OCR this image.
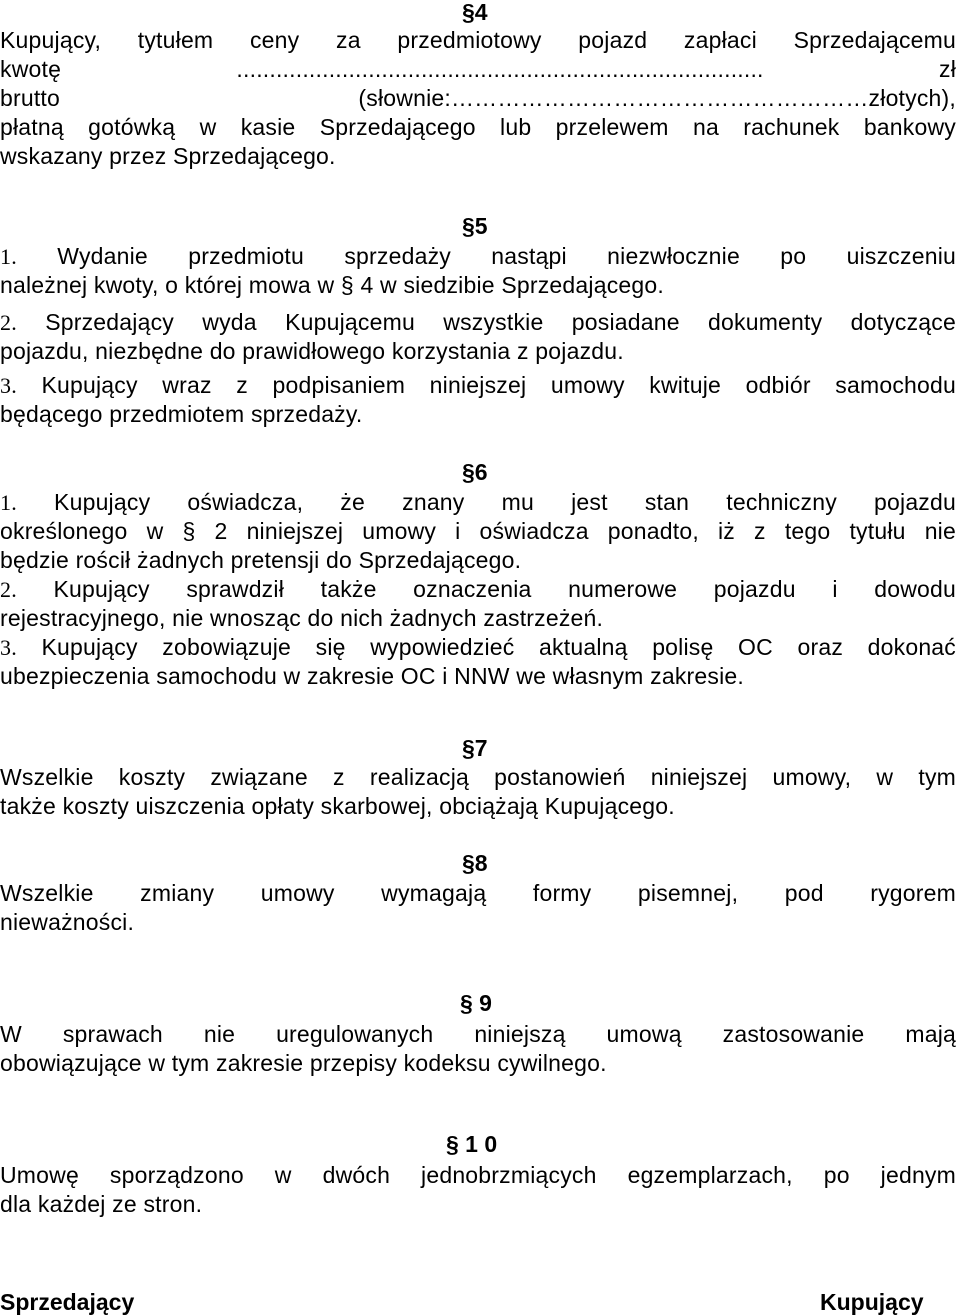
§4
Kupujący, tytułem ceny za przedmiotowy pojazd zapłaci Sprzedającemu
kwotę ................................................................................ zł
brutto (słownie:………………………………………………złotych),
płatną gotówką w kasie Sprzedającego lub przelewem na rachunek bankowy
wskazany przez Sprzedającego.
§5
1. Wydanie przedmiotu sprzedaży nastąpi niezwłocznie po uiszczeniu
należnej kwoty, o której mowa w § 4 w siedzibie Sprzedającego.
2. Sprzedający wyda Kupującemu wszystkie posiadane dokumenty dotyczące
pojazdu, niezbędne do prawidłowego korzystania z pojazdu.
3. Kupujący wraz z podpisaniem niniejszej umowy kwituje odbiór samochodu
będącego przedmiotem sprzedaży.
§6
1. Kupujący oświadcza, że znany mu jest stan techniczny pojazdu
określonego w § 2 niniejszej umowy i oświadcza ponadto, iż z tego tytułu nie
będzie rościł żadnych pretensji do Sprzedającego.
2. Kupujący sprawdził także oznaczenia numerowe pojazdu i dowodu
rejestracyjnego, nie wnosząc do nich żadnych zastrzeżeń.
3. Kupujący zobowiązuje się wypowiedzieć aktualną polisę OC oraz dokonać
ubezpieczenia samochodu w zakresie OC i NNW we własnym zakresie.
§7
Wszelkie koszty związane z realizacją postanowień niniejszej umowy, w tym
także koszty uiszczenia opłaty skarbowej, obciążają Kupującego.
§8
Wszelkie zmiany umowy wymagają formy pisemnej, pod rygorem
nieważności.
§ 9
W sprawach nie uregulowanych niniejszą umową zastosowanie mają
obowiązujące w tym zakresie przepisy kodeksu cywilnego.
§ 1 0
Umowę sporządzono w dwóch jednobrzmiących egzemplarzach, po jednym
dla każdej ze stron.
Sprzedający	Kupujący
